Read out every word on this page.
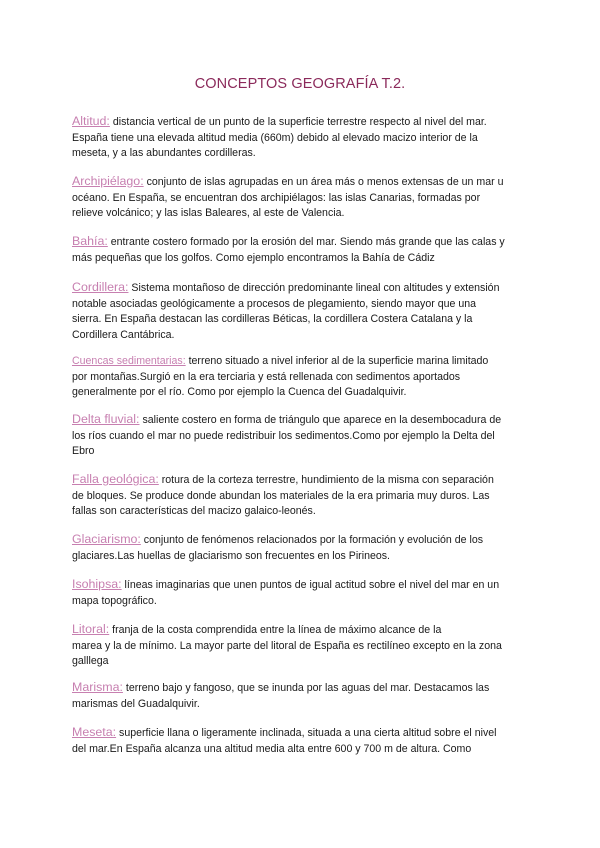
CONCEPTOS GEOGRAFÍA T.2.
Altitud: distancia vertical de un punto de la superficie terrestre respecto al nivel del mar.
España tiene una elevada altitud media (660m) debido al elevado macizo interior de la
meseta, y a las abundantes cordilleras.
Archipiélago: conjunto de islas agrupadas en un área más o menos extensas de un mar u
océano. En España, se encuentran dos archipiélagos: las islas Canarias, formadas por
relieve volcánico; y las islas Baleares, al este de Valencia.
Bahía: entrante costero formado por la erosión del mar. Siendo más grande que las calas y
más pequeñas que los golfos. Como ejemplo encontramos la Bahía de Cádiz
Cordillera: Sistema montañoso de dirección predominante lineal con altitudes y extensión
notable asociadas geológicamente a procesos de plegamiento, siendo mayor que una
sierra. En España destacan las cordilleras Béticas, la cordillera Costera Catalana y la
Cordillera Cantábrica.
Cuencas sedimentarias: terreno situado a nivel inferior al de la superficie marina limitado
por montañas.Surgió en la era terciaria y está rellenada con sedimentos aportados
generalmente por el río. Como por ejemplo la Cuenca del Guadalquivir.
Delta fluvial: saliente costero en forma de triángulo que aparece en la desembocadura de
los ríos cuando el mar no puede redistribuir los sedimentos.Como por ejemplo la Delta del
Ebro
Falla geológica: rotura de la corteza terrestre, hundimiento de la misma con separación
de bloques. Se produce donde abundan los materiales de la era primaria muy duros. Las
fallas son características del macizo galaico-leonés.
Glaciarismo: conjunto de fenómenos relacionados por la formación y evolución de los
glaciares.Las huellas de glaciarismo son frecuentes en los Pirineos.
Isohipsa: líneas imaginarias que unen puntos de igual actitud sobre el nivel del mar en un
mapa topográfico.
Litoral: franja de la costa comprendida entre la línea de máximo alcance de la
marea y la de mínimo. La mayor parte del litoral de España es rectilíneo excepto en la zona
galllega
Marisma: terreno bajo y fangoso, que se inunda por las aguas del mar. Destacamos las
marismas del Guadalquivir.
Meseta: superficie llana o ligeramente inclinada, situada a una cierta altitud sobre el nivel
del mar.En España alcanza una altitud media alta entre 600 y 700 m de altura. Como
